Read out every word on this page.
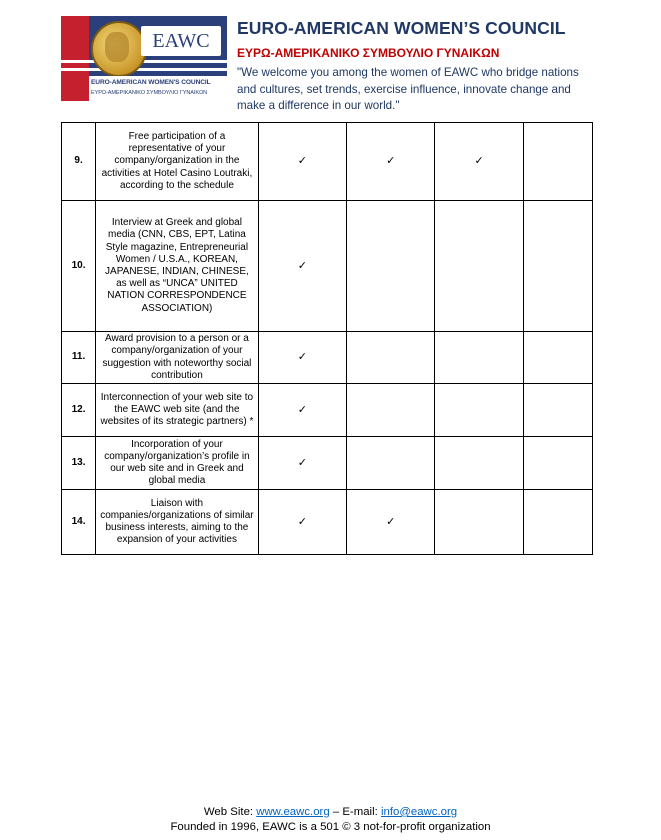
EAWC
EURO-AMERICAN WOMEN'S COUNCIL
ΕΥΡΩ-ΑΜΕΡΙΚΑΝΙΚΟ ΣΥΜΒΟΥΛΙΟ ΓΥΝΑΙΚΩΝ
EURO-AMERICAN WOMEN’S COUNCIL
ΕΥΡΩ-ΑΜΕΡΙΚΑΝΙΚΟ ΣΥΜΒΟΥΛΙΟ ΓΥΝΑΙΚΩΝ

"We welcome you among the women of EAWC who bridge nations and cultures, set trends, exercise influence, innovate change and make a difference in our world."

9.	Free participation of a representative of your company/organization in the activities at Hotel Casino Loutraki, according to the schedule	✓	✓	✓	
10.	Interview at Greek and global media (CNN, CBS, EPT, Latina Style magazine, Entrepreneurial Women / U.S.A., KOREAN, JAPANESE, INDIAN, CHINESE, as well as “UNCA” UNITED NATION CORRESPONDENCE ASSOCIATION)	✓			
11.	Award provision to a person or a company/organization of your suggestion with noteworthy social contribution	✓			
12.	Interconnection of your web site to the EAWC web site (and the websites of its strategic partners) *	✓			
13.	Incorporation of your company/organization’s profile in our web site and in Greek and global media	✓			
14.	Liaison with companies/organizations of similar business interests, aiming to the expansion of your activities	✓	✓		
Web Site: www.eawc.org – E-mail: info@eawc.org
Founded in 1996, EAWC is a 501 © 3 not-for-profit organization
